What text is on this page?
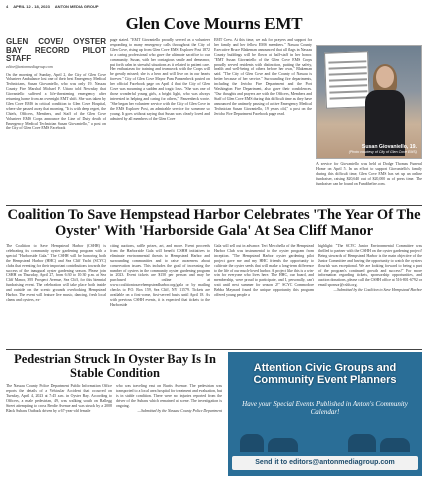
4 APRIL 12 - 18, 2023 ANTON MEDIA GROUP
Glen Cove Mourns EMT
GLEN COVE/ OYSTER BAY RECORD PILOT STAFF
editor@antonmediagroup.com
On the morning of Sunday, April 2, the City of Glen Cove Volunteer Ambulance lost one of their best Emergency Medical Technicians, Susan Giovaniello, who was only 19. Nassau County Fire Marshal Michael F. Uttaro told Newsday that Giovaniello suffered a life-threatening emergency after returning home from an overnight EMT shift. She was taken by Glen Cove EMS in critical condition to Glen Cove Hospital, where she passed away that morning. "It is with deep regret, the Chiefs, Officers, Members, and Staff of the Glen Cove Volunteer EMS Corps announce the Line of Duty death of Emergency Medical Technician Susan Giovaniello," a post on the City of Glen Cove EMS Facebook
page stated. "EMT Giovaniello proudly served as a volunteer responding to many emergency calls throughout the City of Glen Cove, rising up from Glen Cove EMS Explorer Post 1872 to a caring professional who gave the ultimate sacrifice to our community. Susan, with her contagious smile and demeanor, put forth calm in stressful situations as it related to patient care. Her enthusiasm for training and teamwork with the Corps will be greatly missed; she is a hero and will live on in our hearts forever." City of Glen Cove Mayor Pam Panzenbeck posted on her official Facebook page on April 4 that the City of Glen Cove was mourning a sudden and tragic loss. "She was one of those wonderful young girls, a bright light, who was always interested in helping and caring for others," Panzenbeck wrote. "She began her volunteer service with the City of Glen Cove in the EMS Explorer Post, an admirable service for someone so young. It goes without saying that Susan was clearly loved and admired by all members of the Glen Cove
EMT Crew. At this time, we ask for prayers and support for her family and her fellow EMS members." Nassau County Executive Bruce Blakeman announced that all flags in Nassau County buildings will be flown at half-staff in her honor. "EMT Susan Giovaniello of the Glen Cove EMS Corps proudly served residents with distinction, putting the safety, health and well-being of others before her own," Blakeman said. "The City of Glen Cove and the County of Nassau is better because of her service." Surrounding fire departments, including the Jericho Fire Department and the Port Washington Fire Department, also gave their condolences. "Our thoughts and prayers are with the Officers, Members and Staff of Glen Cove EMS during this difficult time as they have announced the untimely passing of active Emergency Medical Technician Susan Giovaniello, 19 years old," a post on the Jericho Fire Department Facebook page read.
Susan Giovaniello, 19.
(Photo courtesy of City of Glen Cove EMS)
A service for Giovaniello was held at Dodge Thomas Funeral Home on April 5. In an effort to support Giovaniello's family during this difficult time, Glen Cove EMS has set up an online fundraiser, raising $20,640 out of $20,000 as of press time. The fundraiser can be found on Fundthefire.com.
Coalition To Save Hempstead Harbor Celebrates 'The Year Of The Oyster' With 'Harborside Gala' At Sea Cliff Manor
The Coalition to Save Hempstead Harbor (CSHH) is celebrating its community oyster gardening program with a special "Harborside Gala." The CSHH will be honoring both the Hempstead Harbor (HHC) and Sea Cliff Yacht (SCYC) clubs that eventing for their important contributions towards the success of the inaugural oyster gardening season. Please join CSHH on Thursday, April 27, from 6:30 to 10:30 p.m. at Sea Cliff Manor, 395 Prospect Avenue, Sea Cliff, for this biennial fundraising event. The celebration will take place both inside and outside on the scenic grounds overlooking Hempstead Harbor. The event will feature live music, dancing, fresh local clams and oysters, ex-
citing auctions, raffle prizes, art, and more. Event proceeds from the Harborside Gala will benefit CSHH initiatives to eliminate environmental threats to Hempstead Harbor and surrounding communities and to raise awareness about conservation issues. This includes the goal of increasing the number of oysters in the community oyster gardening program in 2023. Event tickets are $150 per person and may be purchased online at www.coalitiontosavehempsteadharbor.org/gala or by mailing checks to P.O. Box 159, Sea Cliff, NY 11579. Tickets are available on a first-come, first-served basis until April 18. As with previous CSHH events, it is expected that tickets to the Harborside
Gala will sell out in advance. Teri Mecchella of the Hempstead Harbor Club was instrumental to the oyster program from inception. "The Hempstead Harbor oyster gardening pilot project gave me and my HHC friends the opportunity to cultivate the oyster seeds that will make a long-term difference to the life of our much-loved harbor. A project like this is a win-win for everyone who lives here. The HHC, our board, and membership, were proud to participate, and I, personally, can't wait until next summer for season 2!" SCYC Commodore Bebba Maynard found the unique opportunity this program offered young people a
highlight: "The SCYC Junior Environmental Committee was thrilled to partner with the CSHH on the oyster gardening project! Being stewards of Hempstead Harbor is the main objective of the Junior Committee and having the opportunity to watch the oysters flourish was exceptional. We are looking forward to being a part of the program's continued growth and success!" For more information regarding tickets, sponsorship opportunities, and auction donations, please call the CSHH office at 516-801-6792 or email sponsor@cshh.org.
—Submitted by the Coalition to Save Hempstead Harbor
Pedestrian Struck In Oyster Bay Is In Stable Condition
The Nassau County Police Department Public Information Office reports the details of a Vehicular Accident that occurred on Tuesday, April 4, 2023 at 7:45 a.m. in Oyster Bay. According to Officers, a male pedestrian, 49, was walking south on Rallegg Street attempting to cross Berdie Avenue and was struck by a 2008 Black Subaru Outback driven by a 67-year-old female
who was traveling east on Burtis Avenue. The pedestrian was transported to a local area hospital for treatment and evaluation, but is in stable condition. There were no injuries reported from the driver of the Subaru which remained at scene. The investigation is ongoing.
—Submitted by the Nassau County Police Department
Attention Civic Groups and Community Event Planners
Have your Special Events Published in Anton's Community Calendar!
Send it to editors@antonmediagroup.com
